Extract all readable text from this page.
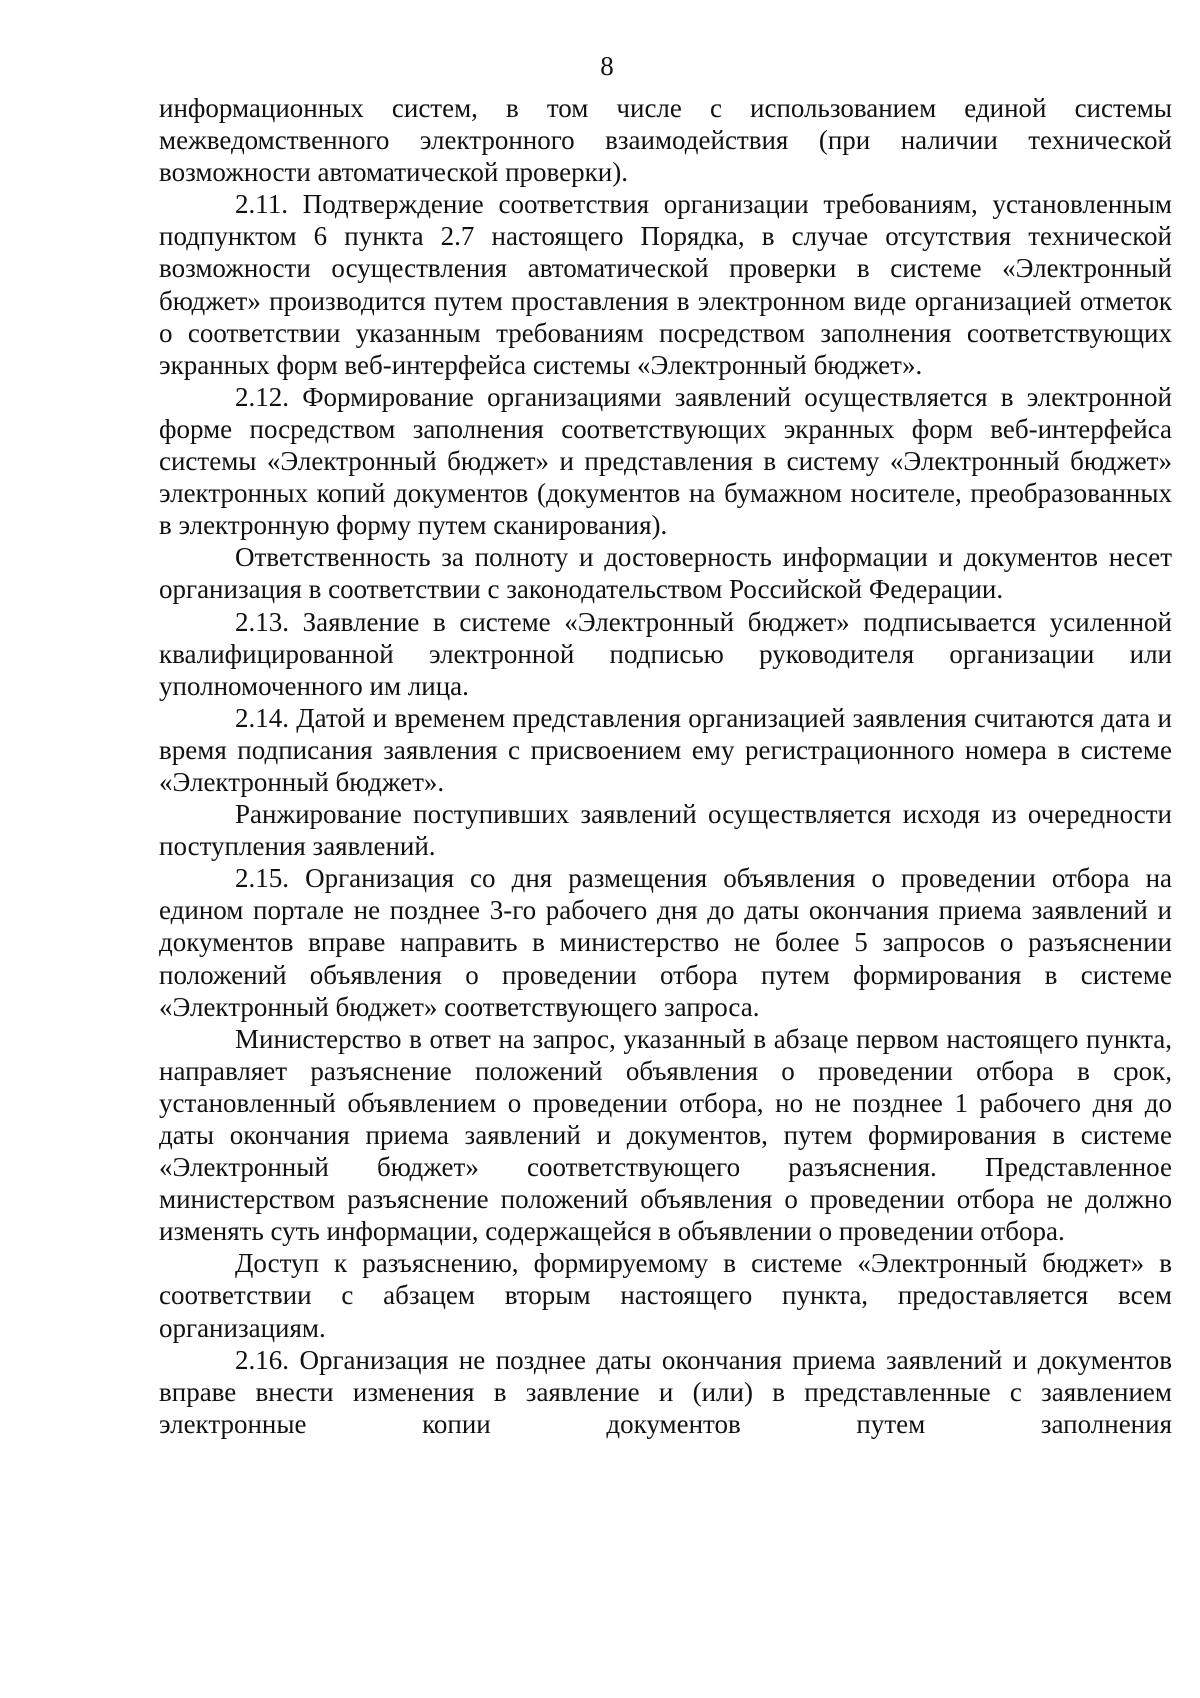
8

информационных систем, в том числе с использованием единой системы межведомственного электронного взаимодействия (при наличии технической возможности автоматической проверки).

2.11. Подтверждение соответствия организации требованиям, установленным подпунктом 6 пункта 2.7 настоящего Порядка, в случае отсутствия технической возможности осуществления автоматической проверки в системе «Электронный бюджет» производится путем проставления в электронном виде организацией отметок о соответствии указанным требованиям посредством заполнения соответствующих экранных форм веб-интерфейса системы «Электронный бюджет».

2.12. Формирование организациями заявлений осуществляется в электронной форме посредством заполнения соответствующих экранных форм веб-интерфейса системы «Электронный бюджет» и представления в систему «Электронный бюджет» электронных копий документов (документов на бумажном носителе, преобразованных в электронную форму путем сканирования).

Ответственность за полноту и достоверность информации и документов несет организация в соответствии с законодательством Российской Федерации.

2.13. Заявление в системе «Электронный бюджет» подписывается усиленной квалифицированной электронной подписью руководителя организации или уполномоченного им лица.

2.14. Датой и временем представления организацией заявления считаются дата и время подписания заявления с присвоением ему регистрационного номера в системе «Электронный бюджет».

Ранжирование поступивших заявлений осуществляется исходя из очередности поступления заявлений.

2.15. Организация со дня размещения объявления о проведении отбора на едином портале не позднее 3-го рабочего дня до даты окончания приема заявлений и документов вправе направить в министерство не более 5 запросов о разъяснении положений объявления о проведении отбора путем формирования в системе «Электронный бюджет» соответствующего запроса.

Министерство в ответ на запрос, указанный в абзаце первом настоящего пункта, направляет разъяснение положений объявления о проведении отбора в срок, установленный объявлением о проведении отбора, но не позднее 1 рабочего дня до даты окончания приема заявлений и документов, путем формирования в системе «Электронный бюджет» соответствующего разъяснения. Представленное министерством разъяснение положений объявления о проведении отбора не должно изменять суть информации, содержащейся в объявлении о проведении отбора.

Доступ к разъяснению, формируемому в системе «Электронный бюджет» в соответствии с абзацем вторым настоящего пункта, предоставляется всем организациям.

2.16. Организация не позднее даты окончания приема заявлений и документов вправе внести изменения в заявление и (или) в представленные с заявлением электронные копии документов путем заполнения
